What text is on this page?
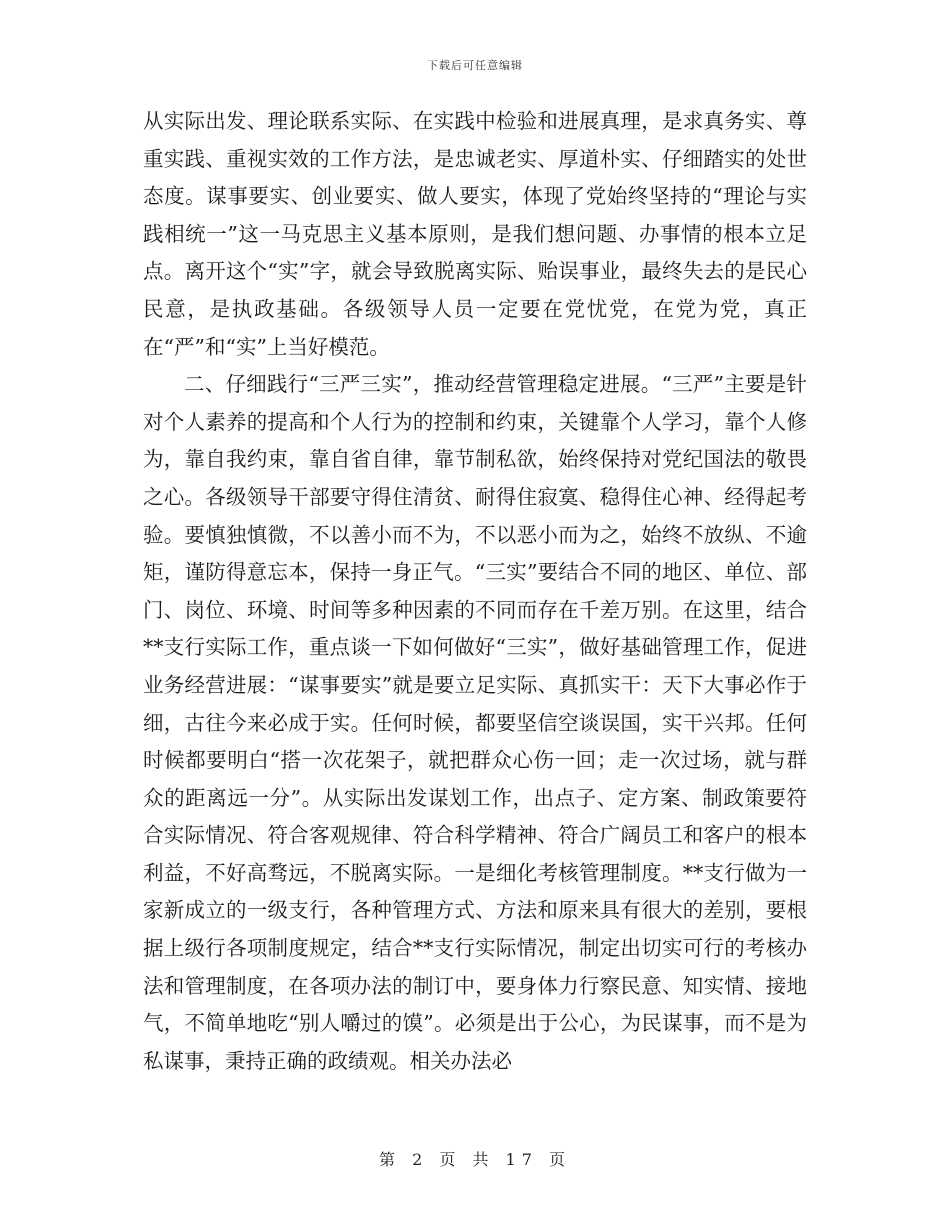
下载后可任意编辑

从实际出发、理论联系实际、在实践中检验和进展真理，是求真务实、尊重实践、重视实效的工作方法，是忠诚老实、厚道朴实、仔细踏实的处世态度。谋事要实、创业要实、做人要实，体现了党始终坚持的“理论与实践相统一”这一马克思主义基本原则，是我们想问题、办事情的根本立足点。离开这个“实”字，就会导致脱离实际、贻误事业，最终失去的是民心民意，是执政基础。各级领导人员一定要在党忧党，在党为党，真正在“严”和“实”上当好模范。

二、仔细践行“三严三实”，推动经营管理稳定进展。“三严”主要是针对个人素养的提高和个人行为的控制和约束，关键靠个人学习，靠个人修为，靠自我约束，靠自省自律，靠节制私欲，始终保持对党纪国法的敬畏之心。各级领导干部要守得住清贫、耐得住寂寞、稳得住心神、经得起考验。要慎独慎微，不以善小而不为，不以恶小而为之，始终不放纵、不逾矩，谨防得意忘本，保持一身正气。“三实”要结合不同的地区、单位、部门、岗位、环境、时间等多种因素的不同而存在千差万别。在这里，结合**支行实际工作，重点谈一下如何做好“三实”，做好基础管理工作，促进业务经营进展：“谋事要实”就是要立足实际、真抓实干：天下大事必作于细，古往今来必成于实。任何时候，都要坚信空谈误国，实干兴邦。任何时候都要明白“搭一次花架子，就把群众心伤一回；走一次过场，就与群众的距离远一分”。从实际出发谋划工作，出点子、定方案、制政策要符合实际情况、符合客观规律、符合科学精神、符合广阔员工和客户的根本利益，不好高骛远，不脱离实际。一是细化考核管理制度。**支行做为一家新成立的一级支行，各种管理方式、方法和原来具有很大的差别，要根据上级行各项制度规定，结合**支行实际情况，制定出切实可行的考核办法和管理制度，在各项办法的制订中，要身体力行察民意、知实情、接地气，不简单地吃“别人嚼过的馍”。必须是出于公心，为民谋事，而不是为私谋事，秉持正确的政绩观。相关办法必

第 2 页 共 17 页
